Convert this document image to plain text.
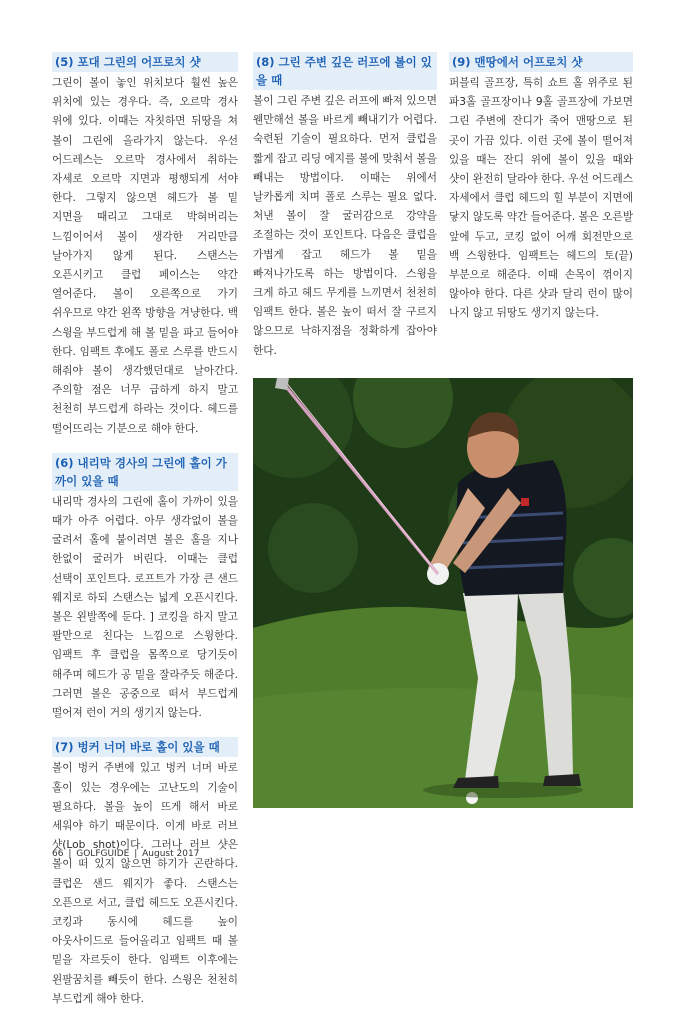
(5) 포대 그린의 어프로치 샷

그린이 볼이 놓인 위치보다 훨씬 높은 위치에 있는 경우다. 즉, 오르막 경사 위에 있다. 이때는 자칫하면 뒤땅을 쳐 볼이 그린에 올라가지 않는다. 우선 어드레스는 오르막 경사에서 취하는 자세로 오르막 지면과 평행되게 서야 한다. 그렇지 않으면 헤드가 볼 밑 지면을 때리고 그대로 박혀버리는 느낌이어서 볼이 생각한 거리만큼 날아가지 않게 된다. 스탠스는 오픈시키고 클럽 페이스는 약간 열어준다. 볼이 오른쪽으로 가기 쉬우므로 약간 왼쪽 방향을 겨냥한다. 백 스윙을 부드럽게 해 볼 밑을 파고 들어야 한다. 임팩트 후에도 폴로 스루를 반드시 해줘야 볼이 생각했던대로 날아간다. 주의할 점은 너무 급하게 하지 말고 천천히 부드럽게 하라는 것이다. 헤드를 떨어뜨리는 기분으로 해야 한다.

(6) 내리막 경사의 그린에 홀이 가까이 있을 때

내리막 경사의 그린에 홀이 가까이 있을 때가 아주 어렵다. 아무 생각없이 볼을 굴려서 홀에 붙이려면 볼은 홀을 지나 한없이 굴러가 버린다. 이때는 클럽 선택이 포인트다. 로프트가 가장 큰 샌드 웨지로 하되 스탠스는 넓게 오픈시킨다. 볼은 왼발쪽에 둔다. ] 코킹을 하지 말고 팔만으로 친다는 느낌으로 스윙한다. 임팩트 후 클럽을 몸쪽으로 당기듯이 해주며 헤드가 공 밑을 잘라주듯 해준다. 그러면 볼은 공중으로 떠서 부드럽게 떨어져 런이 거의 생기지 않는다.

(7) 벙커 너머 바로 홀이 있을 때

볼이 벙커 주변에 있고 벙커 너머 바로 홀이 있는 경우에는 고난도의 기술이 필요하다. 볼을 높이 뜨게 해서 바로 세워야 하기 때문이다. 이게 바로 러브 샷(Lob shot)이다. 그러나 러브 샷은 볼이 떠 있지 않으면 하기가 곤란하다. 클럽은 샌드 웨지가 좋다. 스탠스는 오픈으로 서고, 클럽 헤드도 오픈시킨다. 코킹과 동시에 헤드를 높이 아웃사이드로 들어올리고 임팩트 때 볼 밑을 자르듯이 한다. 임팩트 이후에는 왼팔꿈치를 빼듯이 한다. 스윙은 천천히 부드럽게 해야 한다.

(8) 그린 주변 깊은 러프에 볼이 있을 때

볼이 그린 주변 깊은 러프에 빠져 있으면 웬만해선 볼을 바르게 빼내기가 어렵다. 숙련된 기술이 필요하다. 먼저 클럽을 짧게 잡고 리딩 에지를 볼에 맞춰서 볼을 빼내는 방법이다. 이때는 위에서 날카롭게 치며 폴로 스루는 필요 없다. 처낸 볼이 잘 굴러감으로 강약을 조절하는 것이 포인트다. 다음은 클럽을 가볍게 잡고 헤드가 볼 밑을 빠져나가도록 하는 방법이다. 스윙을 크게 하고 헤드 무게를 느끼면서 천천히 임팩트 한다. 볼은 높이 떠서 잘 구르지 않으므로 낙하지점을 정확하게 잡아야 한다.

(9) 맨땅에서 어프로치 샷

퍼블릭 골프장, 특히 쇼트 홀 위주로 된 파3홀 골프장이나 9홀 골프장에 가보면 그린 주변에 잔디가 죽어 맨땅으로 된 곳이 가끔 있다. 이런 곳에 볼이 떨어져 있을 때는 잔디 위에 볼이 있을 때와 샷이 완전히 달라야 한다. 우선 어드레스 자세에서 클럽 헤드의 힐 부분이 지면에 닿지 않도록 약간 들어준다. 볼은 오른발 앞에 두고, 코킹 없이 어깨 회전만으로 백 스윙한다. 임팩트는 헤드의 토(끝) 부분으로 해준다. 이때 손목이 꺾이지 않아야 한다. 다른 샷과 달리 런이 많이 나지 않고 뒤땅도 생기지 않는다.

66 | GOLFGUIDE | August 2017
